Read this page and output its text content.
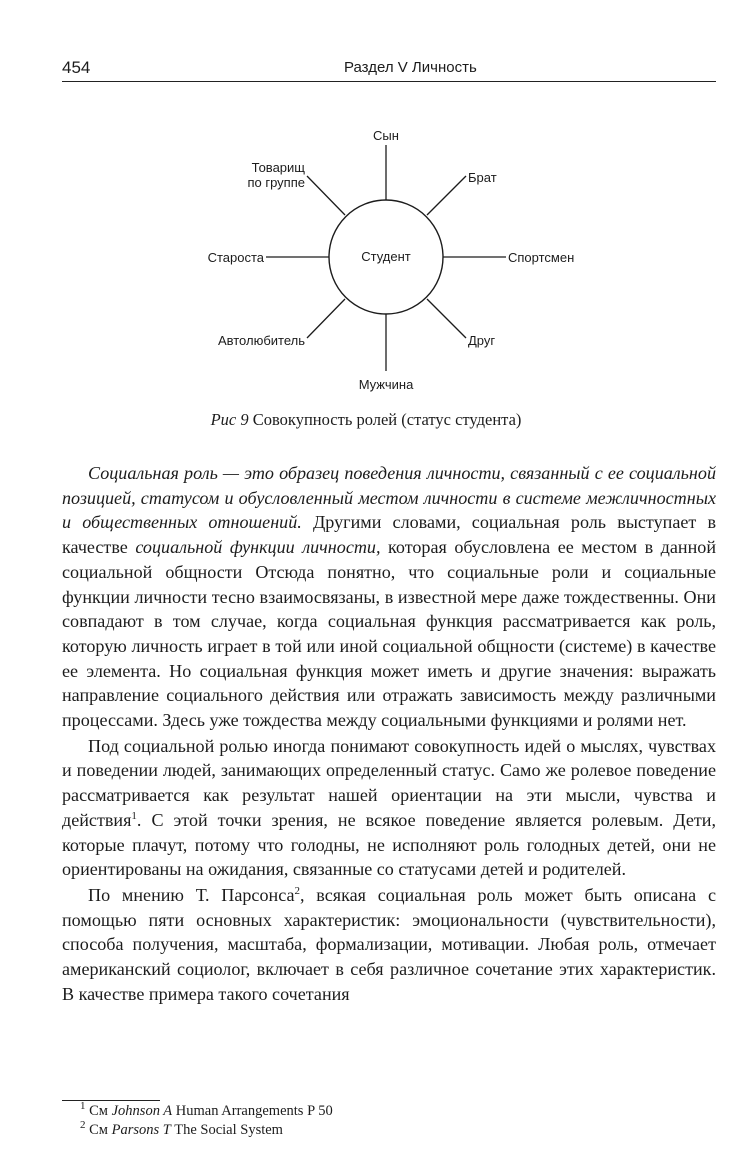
454	Раздел V Личность
Студент
Сын
Брат
Спортсмен
Друг
Мужчина
Автолюбитель
Староста
Товарищ
по группе
Рис 9 Совокупность ролей (статус студента)

Социальная роль — это образец поведения личности, связанный с ее социальной позицией, статусом и обусловленный местом личности в системе межличностных и общественных отношений. Другими словами, социальная роль выступает в качестве социальной функции личности, которая обусловлена ее местом в данной социальной общности Отсюда понятно, что социальные роли и социальные функции личности тесно взаимосвязаны, в известной мере даже тождественны. Они совпадают в том случае, когда социальная функция рассматривается как роль, которую личность играет в той или иной социальной общности (системе) в качестве ее элемента. Но социальная функция может иметь и другие значения: выражать направление социального действия или отражать зависимость между различными процессами. Здесь уже тождества между социальными функциями и ролями нет.

Под социальной ролью иногда понимают совокупность идей о мыслях, чувствах и поведении людей, занимающих определенный статус. Само же ролевое поведение рассматривается как результат нашей ориентации на эти мысли, чувства и действия$^1$. С этой точки зрения, не всякое поведение является ролевым. Дети, которые плачут, потому что голодны, не исполняют роль голодных детей, они не ориентированы на ожидания, связанные со статусами детей и родителей.

По мнению Т. Парсонса$^2$, всякая социальная роль может быть описана с помощью пяти основных характеристик: эмоциональности (чувствительности), способа получения, масштаба, формализации, мотивации. Любая роль, отмечает американский социолог, включает в себя различное сочетание этих характеристик. В качестве примера такого сочетания

$^1$ См Johnson A Human Arrangements P 50
$^2$ См Parsons T The Social System
